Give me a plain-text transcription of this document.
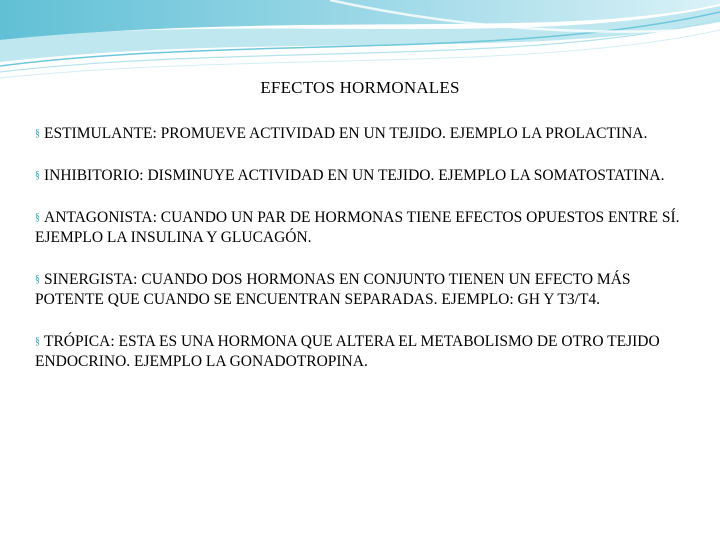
EFECTOS HORMONALES

§ ESTIMULANTE: PROMUEVE ACTIVIDAD EN UN TEJIDO. EJEMPLO LA PROLACTINA.

§ INHIBITORIO: DISMINUYE ACTIVIDAD EN UN TEJIDO. EJEMPLO LA SOMATOSTATINA.

§ ANTAGONISTA: CUANDO UN PAR DE HORMONAS TIENE EFECTOS OPUESTOS ENTRE SÍ. EJEMPLO LA INSULINA Y GLUCAGÓN.

§ SINERGISTA: CUANDO DOS HORMONAS EN CONJUNTO TIENEN UN EFECTO MÁS POTENTE QUE CUANDO SE ENCUENTRAN SEPARADAS. EJEMPLO: GH Y T3/T4.

§ TRÓPICA: ESTA ES UNA HORMONA QUE ALTERA EL METABOLISMO DE OTRO TEJIDO ENDOCRINO. EJEMPLO LA GONADOTROPINA.
